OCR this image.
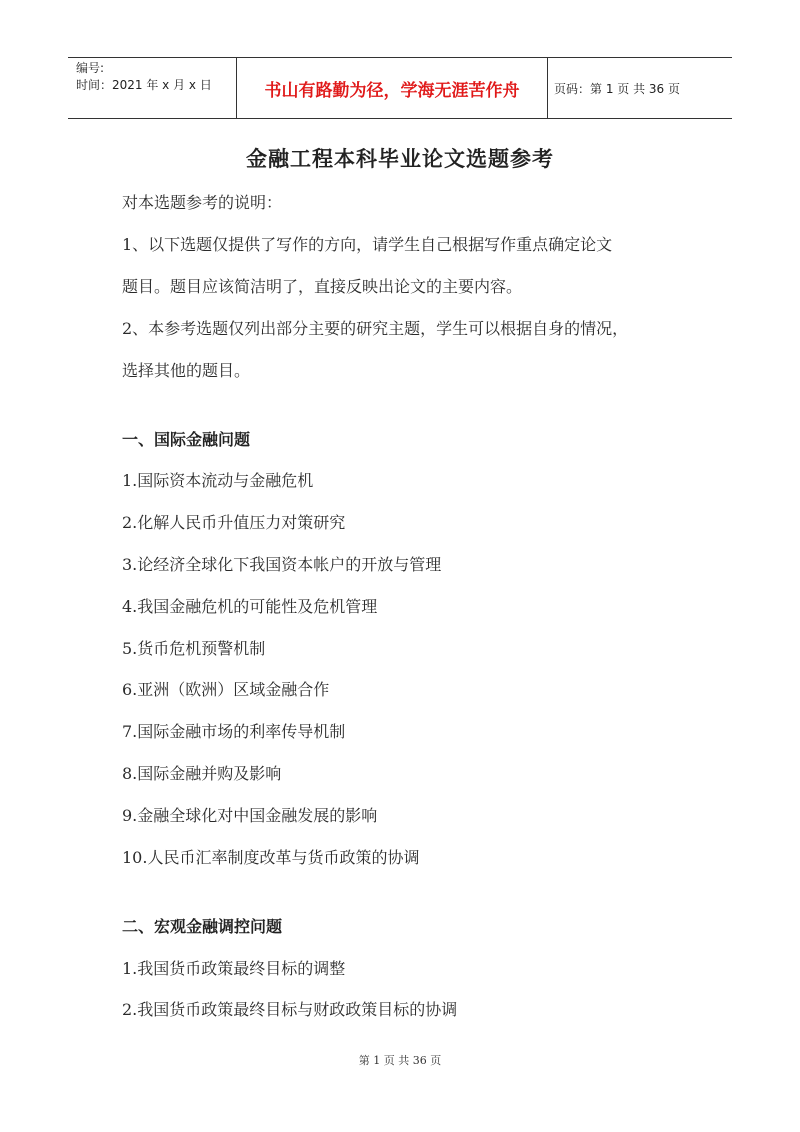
编号:
时间：2021 年 x 月 x 日	书山有路勤为径，学海无涯苦作舟	页码：第 1 页 共 36 页
金融工程本科毕业论文选题参考
对本选题参考的说明：
1、以下选题仅提供了写作的方向，请学生自己根据写作重点确定论文
题目。题目应该简洁明了，直接反映出论文的主要内容。
2、本参考选题仅列出部分主要的研究主题，学生可以根据自身的情况，
选择其他的题目。
一、国际金融问题
1.国际资本流动与金融危机
2.化解人民币升值压力对策研究
3.论经济全球化下我国资本帐户的开放与管理
4.我国金融危机的可能性及危机管理
5.货币危机预警机制
6.亚洲（欧洲）区域金融合作
7.国际金融市场的利率传导机制
8.国际金融并购及影响
9.金融全球化对中国金融发展的影响
10.人民币汇率制度改革与货币政策的协调
二、宏观金融调控问题
1.我国货币政策最终目标的调整
2.我国货币政策最终目标与财政政策目标的协调
第 1 页 共 36 页
